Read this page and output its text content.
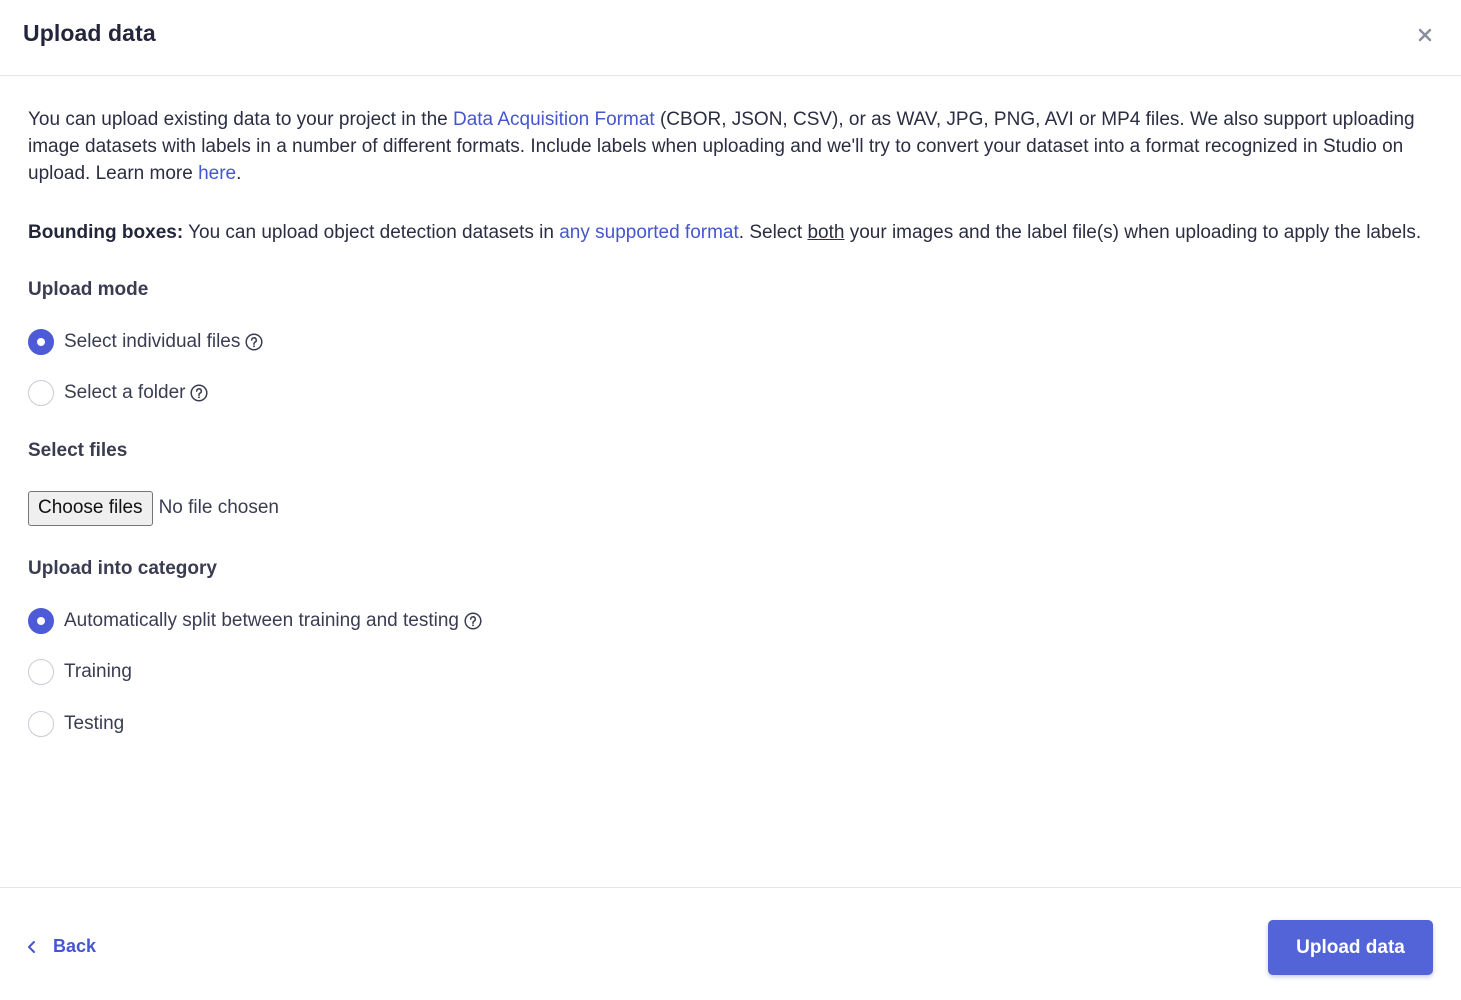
Upload data

You can upload existing data to your project in the Data Acquisition Format (CBOR, JSON, CSV), or as WAV, JPG, PNG, AVI or MP4 files. We also support uploading image datasets with labels in a number of different formats. Include labels when uploading and we'll try to convert your dataset into a format recognized in Studio on upload. Learn more here.

Bounding boxes: You can upload object detection datasets in any supported format. Select both your images and the label file(s) when uploading to apply the labels.

Upload mode
Select individual files
Select a folder
Select files
Choose files No file chosen
Upload into category
Automatically split between training and testing
Training
Testing
Back	Upload data
